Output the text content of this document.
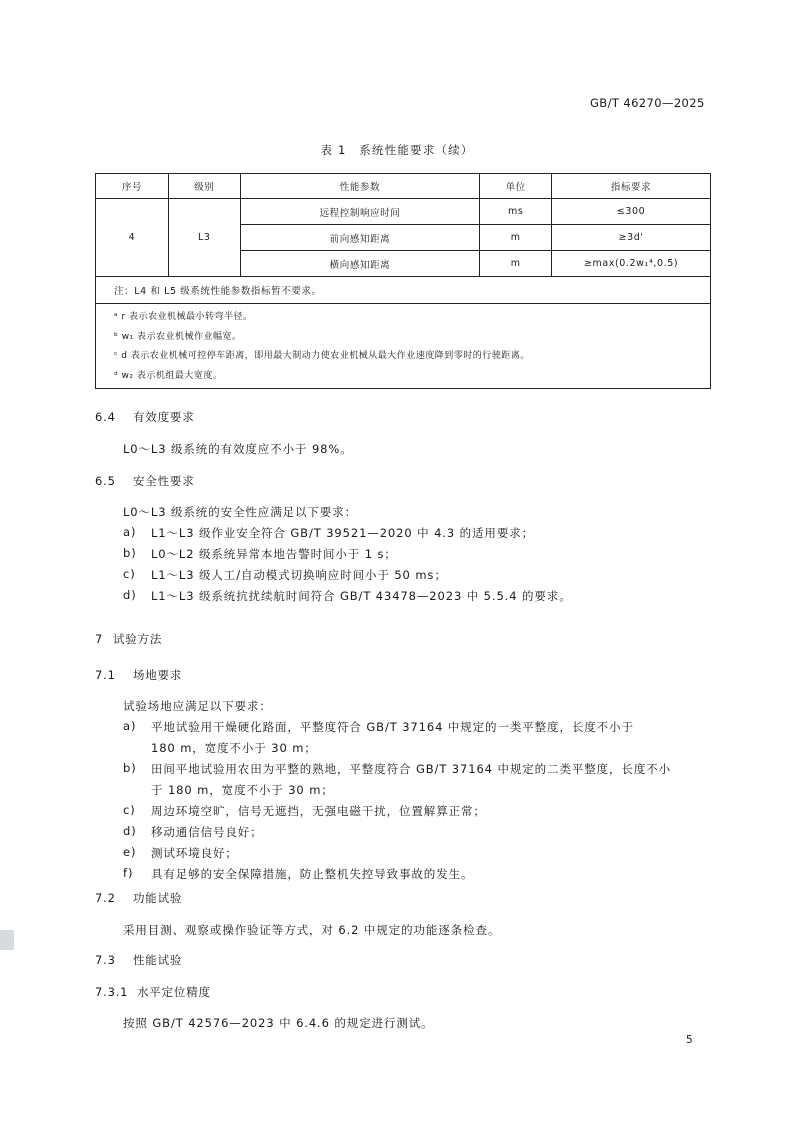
GB/T 46270—2025
表 1　系统性能要求（续）
序号	级别	性能参数	单位	指标要求
4	L3	远程控制响应时间	ms	≤300
		前向感知距离	m	≥3d'
		横向感知距离	m	≥max(0.2w₁⁴,0.5)
注：L4 和 L5 级系统性能参数指标暂不要求。				

ᵃ r 表示农业机械最小转弯半径。
ᵇ w₁ 表示农业机械作业幅宽。
ᶜ d 表示农业机械可控停车距离，即用最大制动力使农业机械从最大作业速度降到零时的行驶距离。
ᵈ w₂ 表示机组最大宽度。				
6.4 有效度要求
L0～L3 级系统的有效度应不小于 98%。
6.5 安全性要求
L0～L3 级系统的安全性应满足以下要求：
a) L1～L3 级作业安全符合 GB/T 39521—2020 中 4.3 的适用要求；
b) L0～L2 级系统异常本地告警时间小于 1 s；
c) L1～L3 级人工/自动模式切换响应时间小于 50 ms；
d) L1～L3 级系统抗扰续航时间符合 GB/T 43478—2023 中 5.5.4 的要求。
7 试验方法
7.1 场地要求
试验场地应满足以下要求：
a) 平地试验用干燥硬化路面，平整度符合 GB/T 37164 中规定的一类平整度，长度不小于
180 m，宽度不小于 30 m；
b) 田间平地试验用农田为平整的熟地，平整度符合 GB/T 37164 中规定的二类平整度，长度不小
于 180 m，宽度不小于 30 m；
c) 周边环境空旷，信号无遮挡，无强电磁干扰，位置解算正常；
d) 移动通信信号良好；
e) 测试环境良好；
f) 具有足够的安全保障措施，防止整机失控导致事故的发生。
7.2 功能试验
采用目测、观察或操作验证等方式，对 6.2 中规定的功能逐条检查。
7.3 性能试验
7.3.1 水平定位精度
按照 GB/T 42576—2023 中 6.4.6 的规定进行测试。
5
